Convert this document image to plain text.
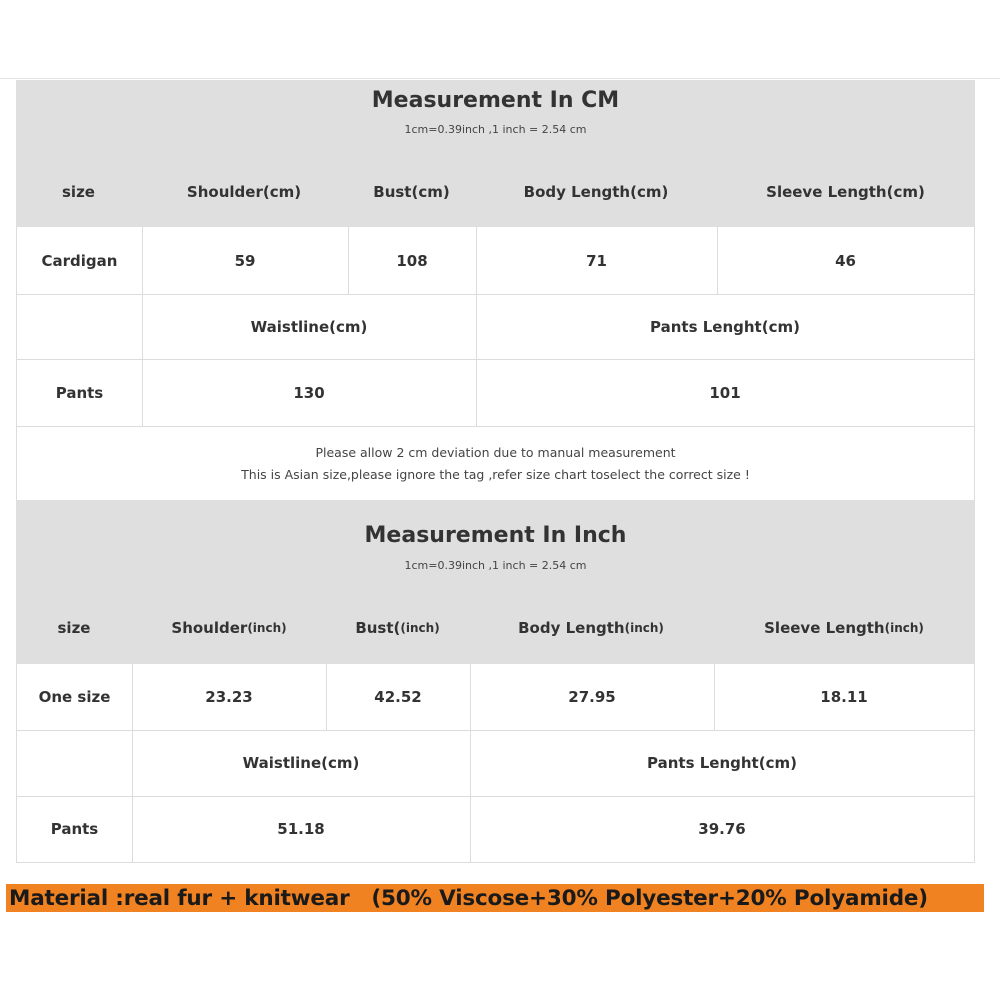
Measurement In CM
1cm=0.39inch ,1 inch = 2.54 cm
size	Shoulder(cm)	Bust(cm)	Body Length(cm)	Sleeve Length(cm)
Cardigan	59	108	71	46
Waistline(cm)	Pants Lenght(cm)
Pants	130	101
Please allow 2 cm deviation due to manual measurement
This is Asian size,please ignore the tag ,refer size chart toselect the correct size !
Measurement In Inch
1cm=0.39inch ,1 inch = 2.54 cm
size	Shoulder (inch)	Bust( (inch)	Body Length (inch)	Sleeve Length (inch)
One size	23.23	42.52	27.95	18.11
Waistline(cm)	Pants Lenght(cm)
Pants	51.18	39.76
Material :real fur + knitwear   (50% Viscose+30% Polyester+20% Polyamide)
